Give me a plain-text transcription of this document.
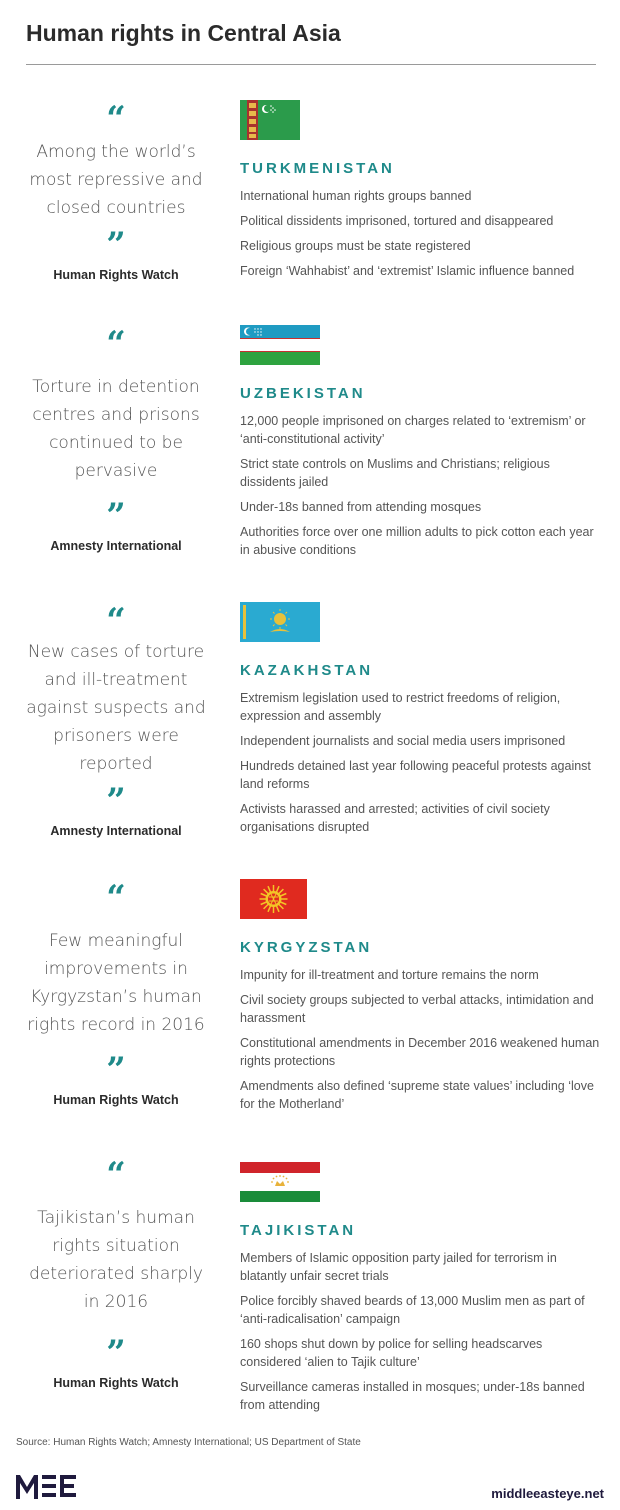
Human rights in Central Asia
“
Among the world’s most repressive and closed countries
”
Human Rights Watch
TURKMENISTAN
International human rights groups banned
Political dissidents imprisoned, tortured and disappeared
Religious groups must be state registered
Foreign ‘Wahhabist’ and ‘extremist’ Islamic influence banned
“
Torture in detention centres and prisons continued to be pervasive
”
Amnesty International
UZBEKISTAN
12,000 people imprisoned on charges related to ‘extremism’ or ‘anti-constitutional activity’
Strict state controls on Muslims and Christians; religious dissidents jailed
Under-18s banned from attending mosques
Authorities force over one million adults to pick cotton each year in abusive conditions
“
New cases of torture and ill-treatment against suspects and prisoners were reported
”
Amnesty International
KAZAKHSTAN
Extremism legislation used to restrict freedoms of religion, expression and assembly
Independent journalists and social media users imprisoned
Hundreds detained last year following peaceful protests against land reforms
Activists harassed and arrested; activities of civil society organisations disrupted
“
Few meaningful improvements in Kyrgyzstan’s human rights record in 2016
”
Human Rights Watch
KYRGYZSTAN
Impunity for ill-treatment and torture remains the norm
Civil society groups subjected to verbal attacks, intimidation and harassment
Constitutional amendments in December 2016 weakened human rights protections
Amendments also defined ‘supreme state values’ including ‘love for the Motherland’
“
Tajikistan’s human rights situation deteriorated sharply in 2016
”
Human Rights Watch
TAJIKISTAN
Members of Islamic opposition party jailed for terrorism in blatantly unfair secret trials
Police forcibly shaved beards of 13,000 Muslim men as part of ‘anti-radicalisation’ campaign
160 shops shut down by police for selling headscarves considered ‘alien to Tajik culture’
Surveillance cameras installed in mosques; under-18s banned from attending
Source: Human Rights Watch; Amnesty International; US Department of State
middleeasteye.net
